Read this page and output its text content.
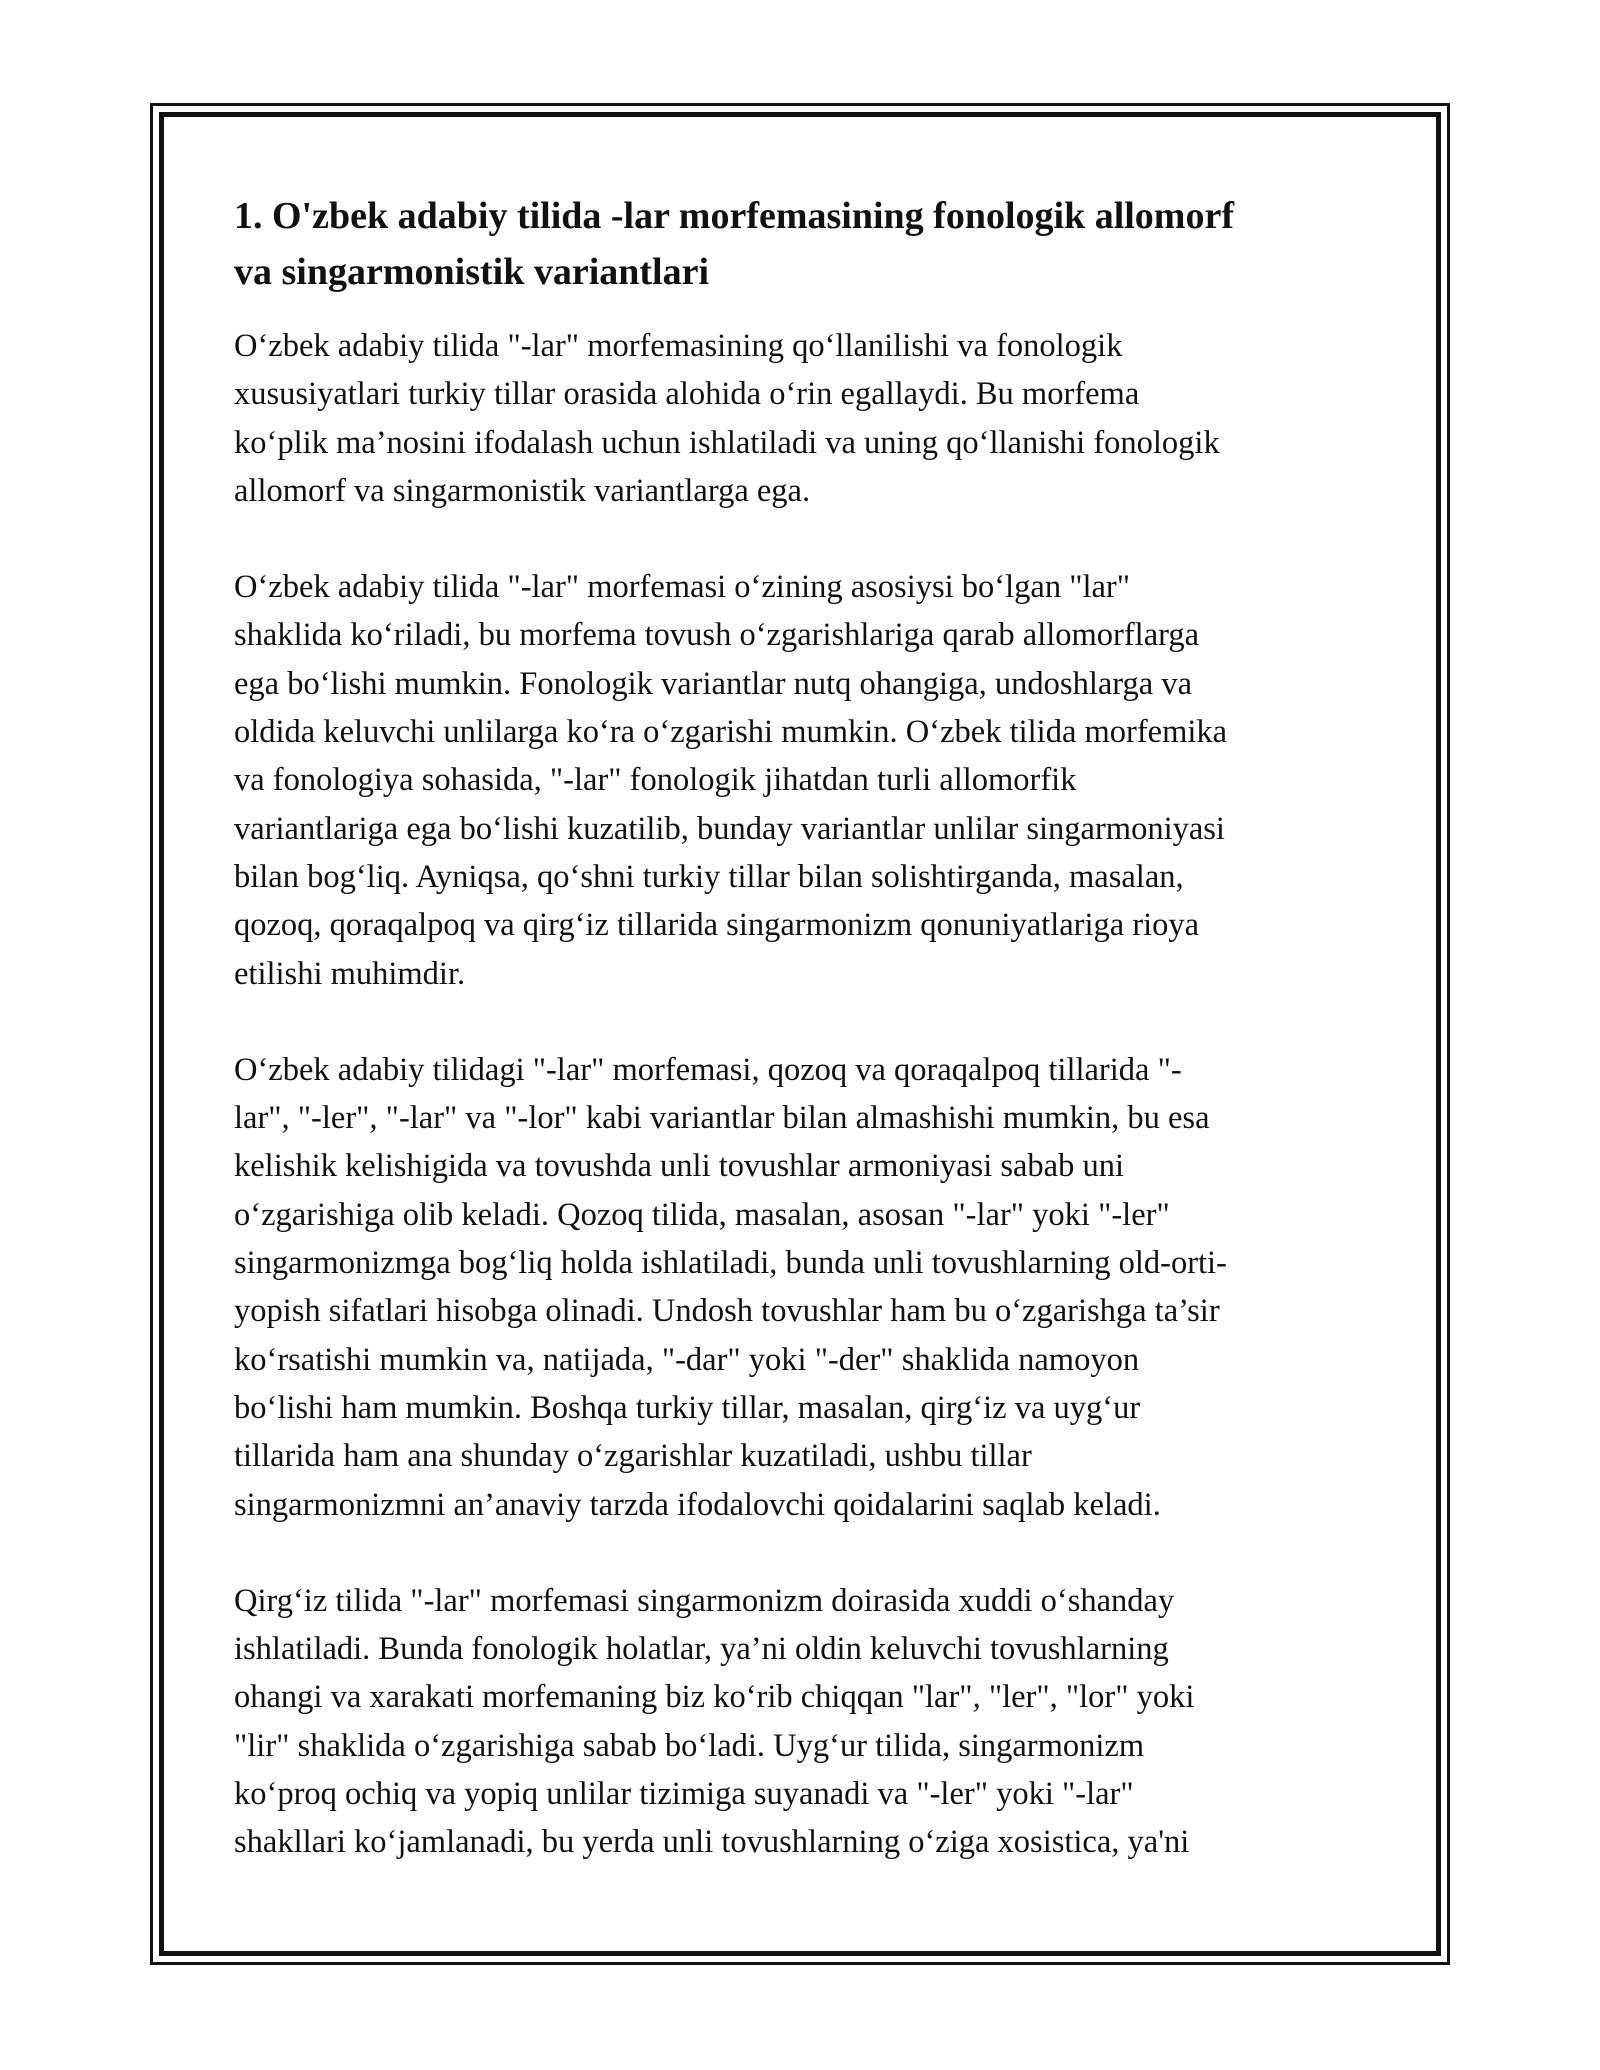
1. O'zbek adabiy tilida -lar morfemasining fonologik allomorf
va singarmonistik variantlari

O‘zbek adabiy tilida "-lar" morfemasining qo‘llanilishi va fonologik
xususiyatlari turkiy tillar orasida alohida o‘rin egallaydi. Bu morfema
ko‘plik ma’nosini ifodalash uchun ishlatiladi va uning qo‘llanishi fonologik
allomorf va singarmonistik variantlarga ega.

O‘zbek adabiy tilida "-lar" morfemasi o‘zining asosiysi bo‘lgan "lar"
shaklida ko‘riladi, bu morfema tovush o‘zgarishlariga qarab allomorflarga
ega bo‘lishi mumkin. Fonologik variantlar nutq ohangiga, undoshlarga va
oldida keluvchi unlilarga ko‘ra o‘zgarishi mumkin. O‘zbek tilida morfemika
va fonologiya sohasida, "-lar" fonologik jihatdan turli allomorfik
variantlariga ega bo‘lishi kuzatilib, bunday variantlar unlilar singarmoniyasi
bilan bog‘liq. Ayniqsa, qo‘shni turkiy tillar bilan solishtirganda, masalan,
qozoq, qoraqalpoq va qirg‘iz tillarida singarmonizm qonuniyatlariga rioya
etilishi muhimdir.

O‘zbek adabiy tilidagi "-lar" morfemasi, qozoq va qoraqalpoq tillarida "-
lar", "-ler", "-lar" va "-lor" kabi variantlar bilan almashishi mumkin, bu esa
kelishik kelishigida va tovushda unli tovushlar armoniyasi sabab uni
o‘zgarishiga olib keladi. Qozoq tilida, masalan, asosan "-lar" yoki "-ler"
singarmonizmga bog‘liq holda ishlatiladi, bunda unli tovushlarning old-orti-
yopish sifatlari hisobga olinadi. Undosh tovushlar ham bu o‘zgarishga ta’sir
ko‘rsatishi mumkin va, natijada, "-dar" yoki "-der" shaklida namoyon
bo‘lishi ham mumkin. Boshqa turkiy tillar, masalan, qirg‘iz va uyg‘ur
tillarida ham ana shunday o‘zgarishlar kuzatiladi, ushbu tillar
singarmonizmni an’anaviy tarzda ifodalovchi qoidalarini saqlab keladi.

Qirg‘iz tilida "-lar" morfemasi singarmonizm doirasida xuddi o‘shanday
ishlatiladi. Bunda fonologik holatlar, ya’ni oldin keluvchi tovushlarning
ohangi va xarakati morfemaning biz ko‘rib chiqqan "lar", "ler", "lor" yoki
"lir" shaklida o‘zgarishiga sabab bo‘ladi. Uyg‘ur tilida, singarmonizm
ko‘proq ochiq va yopiq unlilar tizimiga suyanadi va "-ler" yoki "-lar"
shakllari ko‘jamlanadi, bu yerda unli tovushlarning o‘ziga xosistica, ya'ni
